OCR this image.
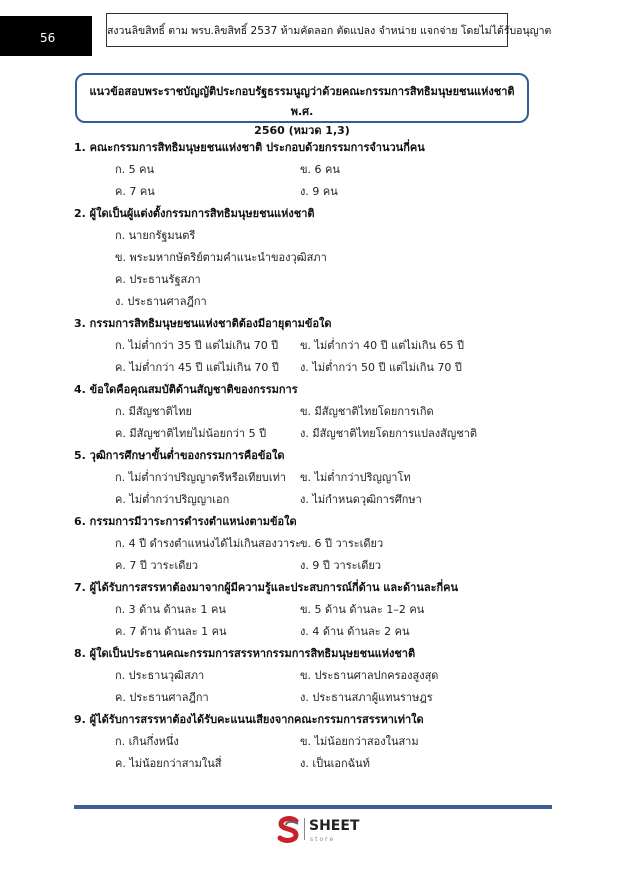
56	สงวนลิขสิทธิ์ ตาม พรบ.ลิขสิทธิ์ 2537 ห้ามคัดลอก ตัดแปลง จำหน่าย แจกจ่าย โดยไม่ได้รับอนุญาต
แนวข้อสอบพระราชบัญญัติประกอบรัฐธรรมนูญว่าด้วยคณะกรรมการสิทธิมนุษยชนแห่งชาติ พ.ศ.
2560 (หมวด 1,3)
1. คณะกรรมการสิทธิมนุษยชนแห่งชาติ ประกอบด้วยกรรมการจำนวนกี่คน
ก. 5 คน	ข. 6 คน
ค. 7 คน	ง. 9 คน
2. ผู้ใดเป็นผู้แต่งตั้งกรรมการสิทธิมนุษยชนแห่งชาติ
ก. นายกรัฐมนตรี
ข. พระมหากษัตริย์ตามคำแนะนำของวุฒิสภา
ค. ประธานรัฐสภา
ง. ประธานศาลฎีกา
3. กรรมการสิทธิมนุษยชนแห่งชาติต้องมีอายุตามข้อใด
ก. ไม่ต่ำกว่า 35 ปี แต่ไม่เกิน 70 ปี ข. ไม่ต่ำกว่า 40 ปี แต่ไม่เกิน 65 ปี
ค. ไม่ต่ำกว่า 45 ปี แต่ไม่เกิน 70 ปี ง. ไม่ต่ำกว่า 50 ปี แต่ไม่เกิน 70 ปี
4. ข้อใดคือคุณสมบัติด้านสัญชาติของกรรมการ
ก. มีสัญชาติไทย	ข. มีสัญชาติไทยโดยการเกิด
ค. มีสัญชาติไทยไม่น้อยกว่า 5 ปี	ง. มีสัญชาติไทยโดยการแปลงสัญชาติ
5. วุฒิการศึกษาขั้นต่ำของกรรมการคือข้อใด
ก. ไม่ต่ำกว่าปริญญาตรีหรือเทียบเท่า ข. ไม่ต่ำกว่าปริญญาโท
ค. ไม่ต่ำกว่าปริญญาเอก	ง. ไม่กำหนดวุฒิการศึกษา
6. กรรมการมีวาระการดำรงตำแหน่งตามข้อใด
ก. 4 ปี ดำรงตำแหน่งได้ไม่เกินสองวาระ
ข. 6 ปี วาระเดียว
ค. 7 ปี วาระเดียว	ง. 9 ปี วาระเดียว
7. ผู้ได้รับการสรรหาต้องมาจากผู้มีความรู้และประสบการณ์กี่ด้าน และด้านละกี่คน
ก. 3 ด้าน ด้านละ 1 คน	ข. 5 ด้าน ด้านละ 1–2 คน
ค. 7 ด้าน ด้านละ 1 คน	ง. 4 ด้าน ด้านละ 2 คน
8. ผู้ใดเป็นประธานคณะกรรมการสรรหากรรมการสิทธิมนุษยชนแห่งชาติ
ก. ประธานวุฒิสภา	ข. ประธานศาลปกครองสูงสุด
ค. ประธานศาลฎีกา	ง. ประธานสภาผู้แทนราษฎร
9. ผู้ได้รับการสรรหาต้องได้รับคะแนนเสียงจากคณะกรรมการสรรหาเท่าใด
ก. เกินกึ่งหนึ่ง	ข. ไม่น้อยกว่าสองในสาม
ค. ไม่น้อยกว่าสามในสี่	ง. เป็นเอกฉันท์
SHEET
store
